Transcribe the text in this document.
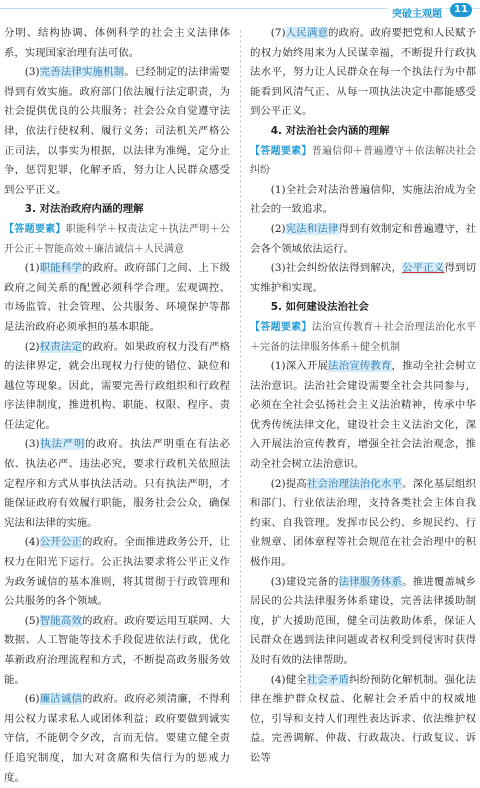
突破主观题	11

分明、结构协调、体例科学的社会主义法律体系，实现国家治理有法可依。

(3)完善法律实施机制。已经制定的法律需要得到有效实施。政府部门依法履行法定职责，为社会提供优良的公共服务；社会公众自觉遵守法律，依法行使权利、履行义务；司法机关严格公正司法，以事实为根据，以法律为准绳，定分止争，惩罚犯罪，化解矛盾，努力让人民群众感受到公平正义。

3. 对法治政府内涵的理解

【答题要素】职能科学＋权责法定＋执法严明＋公开公正＋智能高效＋廉洁诚信＋人民满意

(1)职能科学的政府。政府部门之间、上下级政府之间关系的配置必须科学合理。宏观调控、市场监管、社会管理、公共服务、环境保护等都是法治政府必须承担的基本职能。

(2)权责法定的政府。如果政府权力没有严格的法律界定，就会出现权力行使的错位、缺位和越位等现象。因此，需要完善行政组织和行政程序法律制度，推进机构、职能、权限、程序、责任法定化。

(3)执法严明的政府。执法严明重在有法必依、执法必严、违法必究，要求行政机关依照法定程序和方式从事执法活动。只有执法严明，才能保证政府有效履行职能，服务社会公众，确保宪法和法律的实施。

(4)公开公正的政府。全面推进政务公开，让权力在阳光下运行。公正执法要求将公平正义作为政务诚信的基本准则，将其贯彻于行政管理和公共服务的各个领域。

(5)智能高效的政府。政府要运用互联网、大数据、人工智能等技术手段促进依法行政，优化革新政府治理流程和方式，不断提高政务服务效能。

(6)廉洁诚信的政府。政府必须清廉，不得利用公权力谋求私人或团体利益；政府要做到诚实守信，不能朝令夕改，言而无信。要建立健全责任追究制度，加大对贪腐和失信行为的惩戒力度。

(7)人民满意的政府。政府要把党和人民赋予的权力始终用来为人民谋幸福，不断提升行政执法水平，努力让人民群众在每一个执法行为中都能看到风清气正、从每一项执法决定中都能感受到公平正义。

4. 对法治社会内涵的理解

【答题要素】普遍信仰＋普遍遵守＋依法解决社会纠纷

(1)全社会对法治普遍信仰，实施法治成为全社会的一致追求。

(2)宪法和法律得到有效制定和普遍遵守，社会各个领域依法运行。

(3)社会纠纷依法得到解决，公平正义得到切实维护和实现。

5. 如何建设法治社会

【答题要素】法治宣传教育＋社会治理法治化水平＋完备的法律服务体系＋健全机制

(1)深入开展法治宣传教育，推动全社会树立法治意识。法治社会建设需要全社会共同参与，必须在全社会弘扬社会主义法治精神，传承中华优秀传统法律文化，建设社会主义法治文化，深入开展法治宣传教育，增强全社会法治观念，推动全社会树立法治意识。

(2)提高社会治理法治化水平。深化基层组织和部门、行业依法治理，支持各类社会主体自我约束、自我管理。发挥市民公约、乡规民约、行业规章、团体章程等社会规范在社会治理中的积极作用。

(3)建设完备的法律服务体系。推进覆盖城乡居民的公共法律服务体系建设，完善法律援助制度，扩大援助范围，健全司法救助体系，保证人民群众在遇到法律问题或者权利受到侵害时获得及时有效的法律帮助。

(4)健全社会矛盾纠纷预防化解机制。强化法律在维护群众权益、化解社会矛盾中的权威地位，引导和支持人们理性表达诉求、依法维护权益。完善调解、仲裁、行政裁决、行政复议、诉讼等
